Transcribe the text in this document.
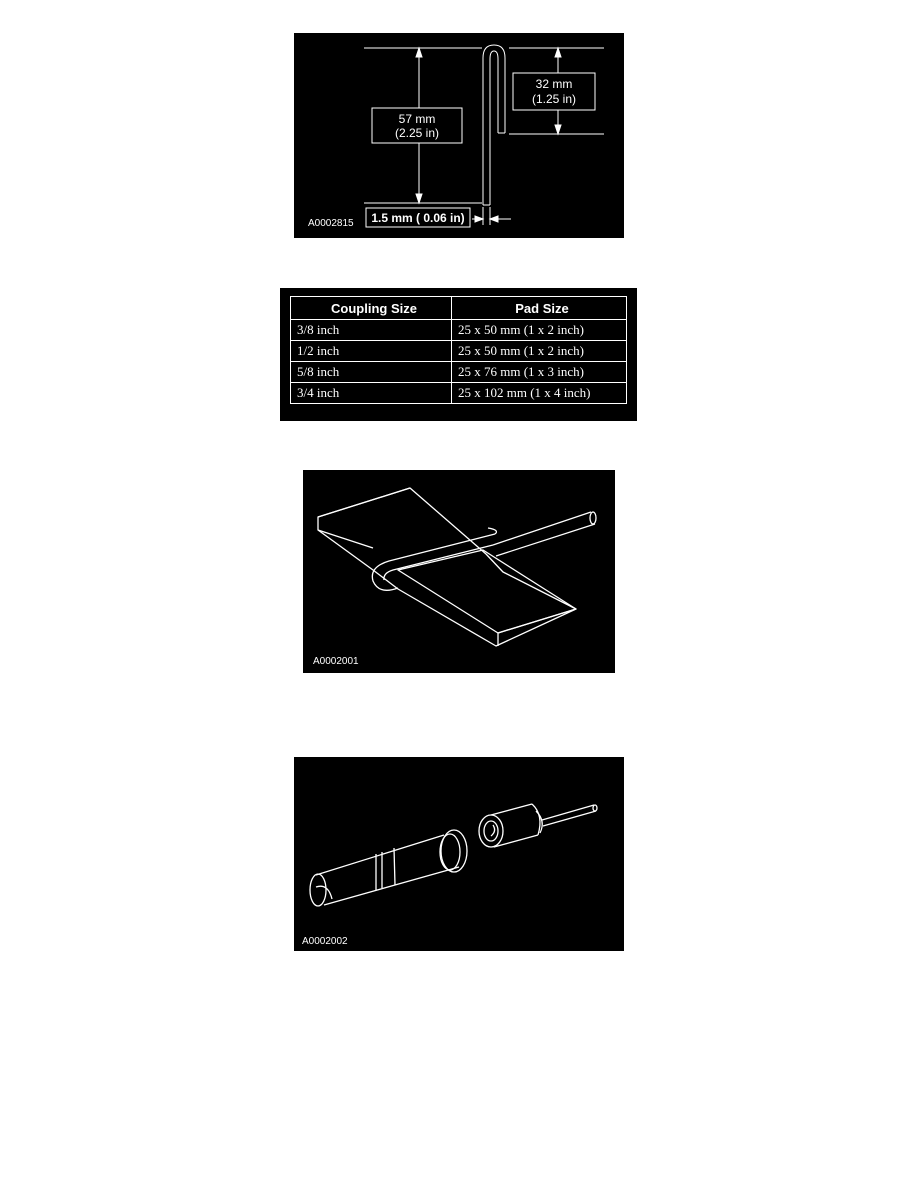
57 mm
(2.25 in)
32 mm
(1.25 in)
1.5 mm ( 0.06 in)
A0002815
Coupling Size	Pad Size
3/8 inch	25 x 50 mm (1 x 2 inch)
1/2 inch	25 x 50 mm (1 x 2 inch)
5/8 inch	25 x 76 mm (1 x 3 inch)
3/4 inch	25 x 102 mm (1 x 4 inch)
A0002001
A0002002
